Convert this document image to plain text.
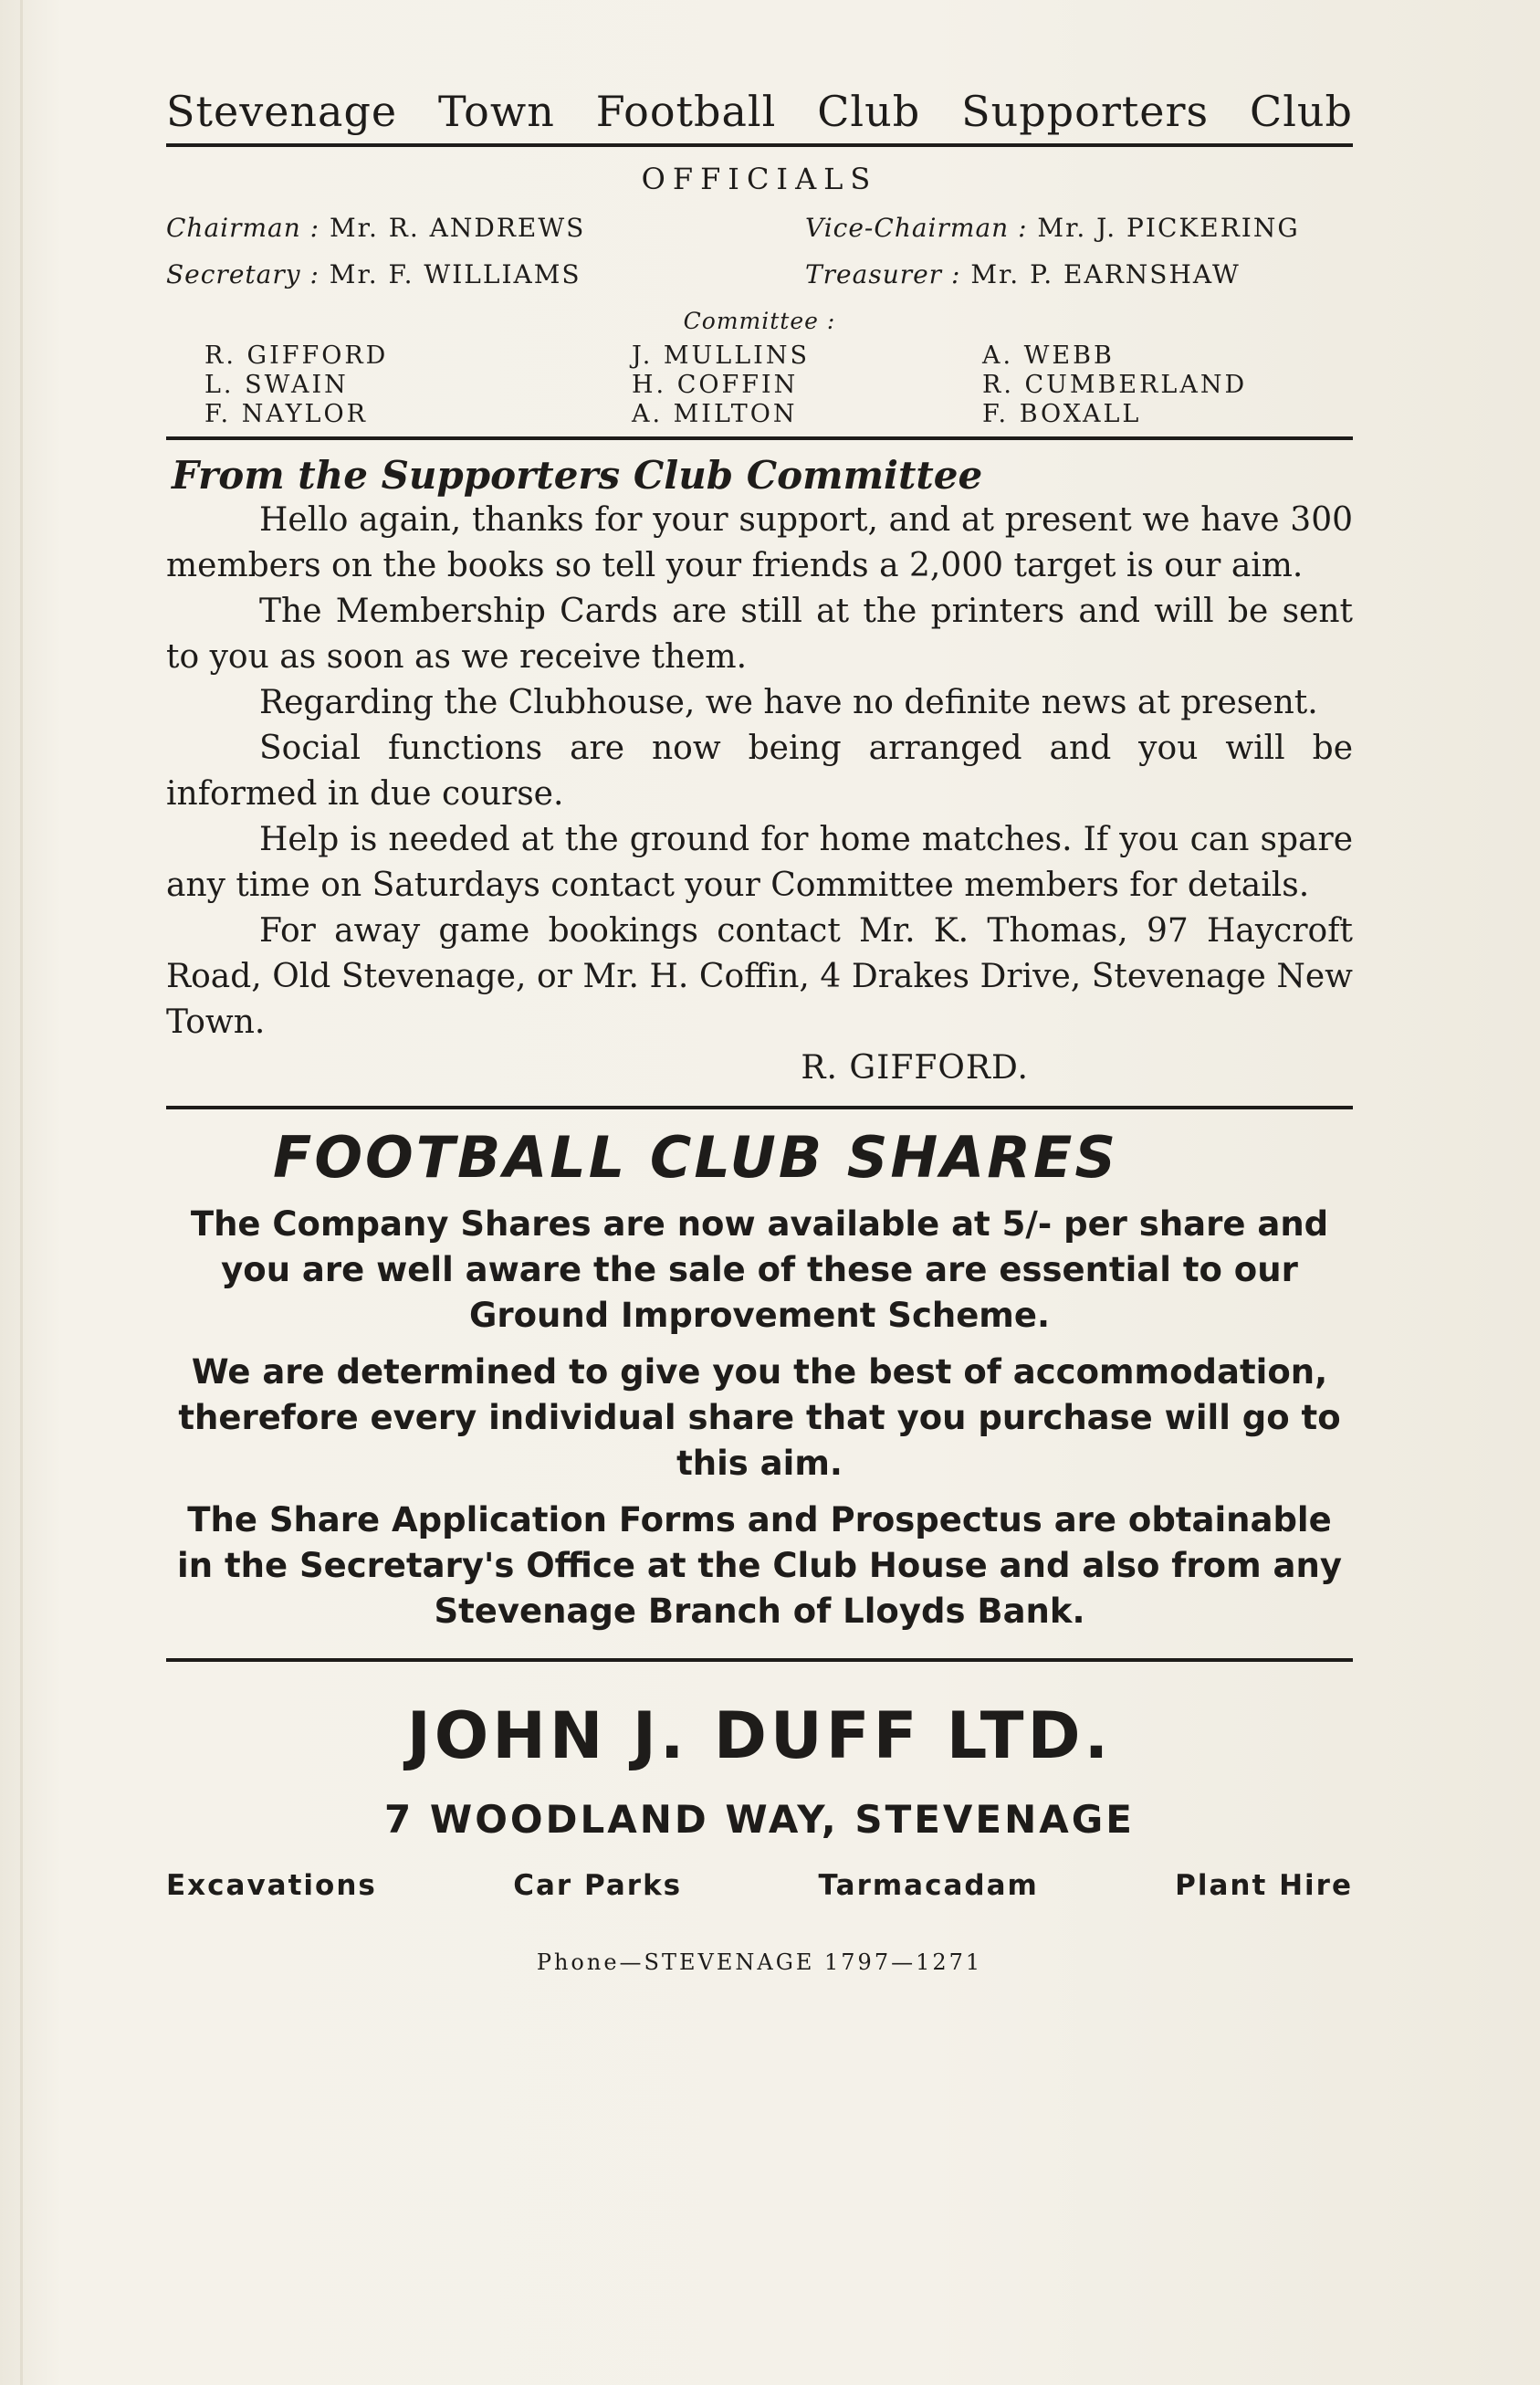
Stevenage Town Football Club Supporters Club
OFFICIALS
Chairman : Mr. R. ANDREWS	Vice-Chairman : Mr. J. PICKERING
Secretary : Mr. F. WILLIAMS	Treasurer : Mr. P. EARNSHAW
Committee :
R. GIFFORD	J. MULLINS	A. WEBB
L. SWAIN	H. COFFIN	R. CUMBERLAND
F. NAYLOR	A. MILTON	F. BOXALL
From the Supporters Club Committee

Hello again, thanks for your support, and at present we have 300 members on the books so tell your friends a 2,000 target is our aim.

The Membership Cards are still at the printers and will be sent to you as soon as we receive them.

Regarding the Clubhouse, we have no definite news at present.

Social functions are now being arranged and you will be informed in due course.

Help is needed at the ground for home matches. If you can spare any time on Saturdays contact your Committee members for details.

For away game bookings contact Mr. K. Thomas, 97 Haycroft Road, Old Stevenage, or Mr. H. Coffin, 4 Drakes Drive, Stevenage New Town.

R. GIFFORD.
FOOTBALL CLUB SHARES

The Company Shares are now available at 5/- per share and you are well aware the sale of these are essential to our Ground Improvement Scheme.

We are determined to give you the best of accommodation, therefore every individual share that you purchase will go to this aim.

The Share Application Forms and Prospectus are obtainable in the Secretary's Office at the Club House and also from any Stevenage Branch of Lloyds Bank.

JOHN J. DUFF LTD.
7 WOODLAND WAY, STEVENAGE
Excavations	Car Parks	Tarmacadam	Plant Hire
Phone—STEVENAGE 1797—1271
